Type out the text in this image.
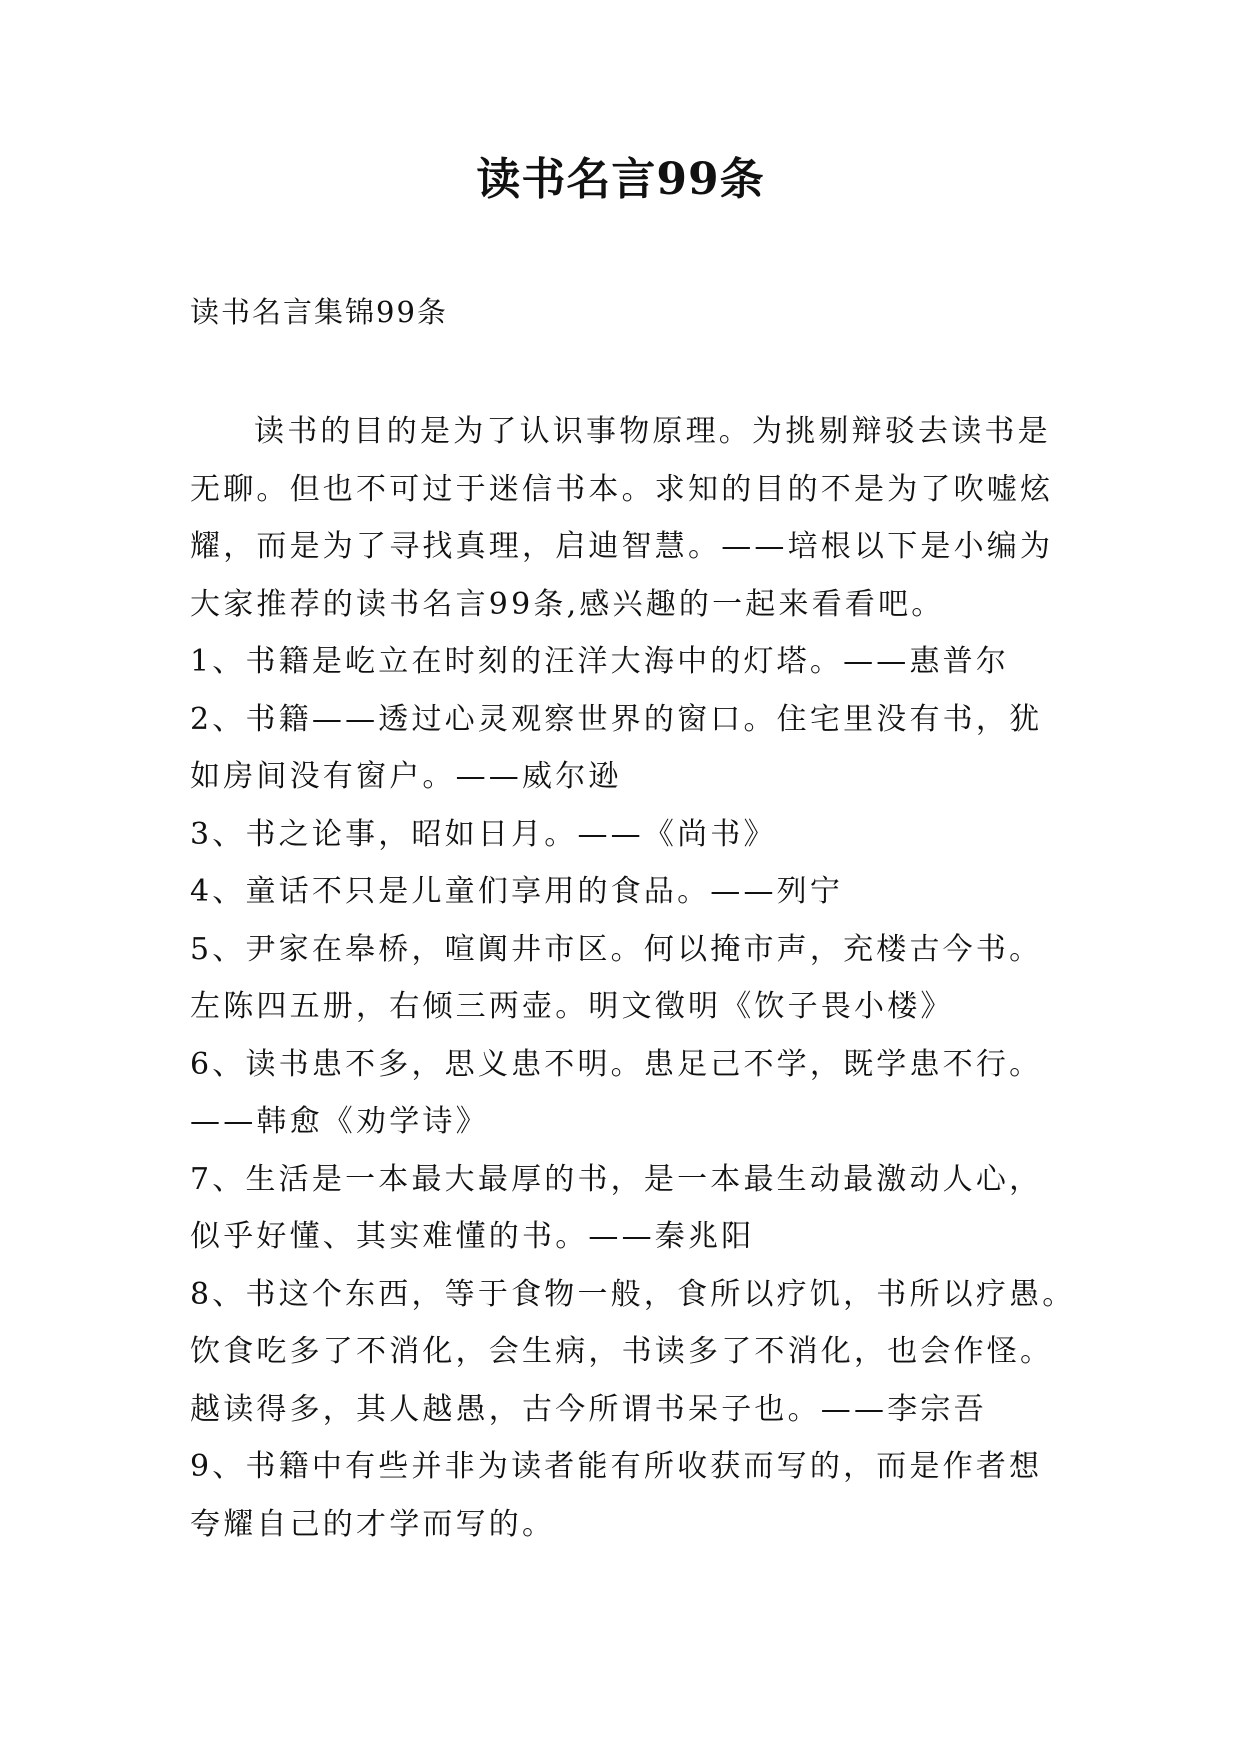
读书名言99条
读书名言集锦99条
读书的目的是为了认识事物原理。为挑剔辩驳去读书是
无聊。但也不可过于迷信书本。求知的目的不是为了吹嘘炫
耀，而是为了寻找真理，启迪智慧。——培根以下是小编为
大家推荐的读书名言99条,感兴趣的一起来看看吧。
1、书籍是屹立在时刻的汪洋大海中的灯塔。——惠普尔
2、书籍——透过心灵观察世界的窗口。住宅里没有书，犹
如房间没有窗户。——威尔逊
3、书之论事，昭如日月。——《尚书》
4、童话不只是儿童们享用的食品。——列宁
5、尹家在皋桥，喧阗井市区。何以掩市声，充楼古今书。
左陈四五册，右倾三两壶。明文徵明《饮子畏小楼》
6、读书患不多，思义患不明。患足己不学，既学患不行。
——韩愈《劝学诗》
7、生活是一本最大最厚的书，是一本最生动最激动人心，
似乎好懂、其实难懂的书。——秦兆阳
8、书这个东西，等于食物一般，食所以疗饥，书所以疗愚。
饮食吃多了不消化，会生病，书读多了不消化，也会作怪。
越读得多，其人越愚，古今所谓书呆子也。——李宗吾
9、书籍中有些并非为读者能有所收获而写的，而是作者想
夸耀自己的才学而写的。
